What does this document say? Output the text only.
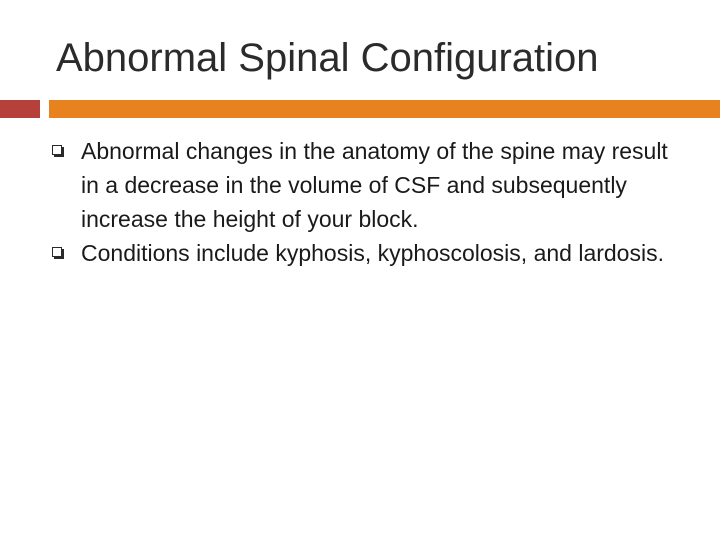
Abnormal Spinal Configuration
Abnormal changes in the anatomy of the spine may result in a decrease in the volume of CSF and subsequently increase the height of your block.
Conditions include kyphosis, kyphoscolosis, and lardosis.
